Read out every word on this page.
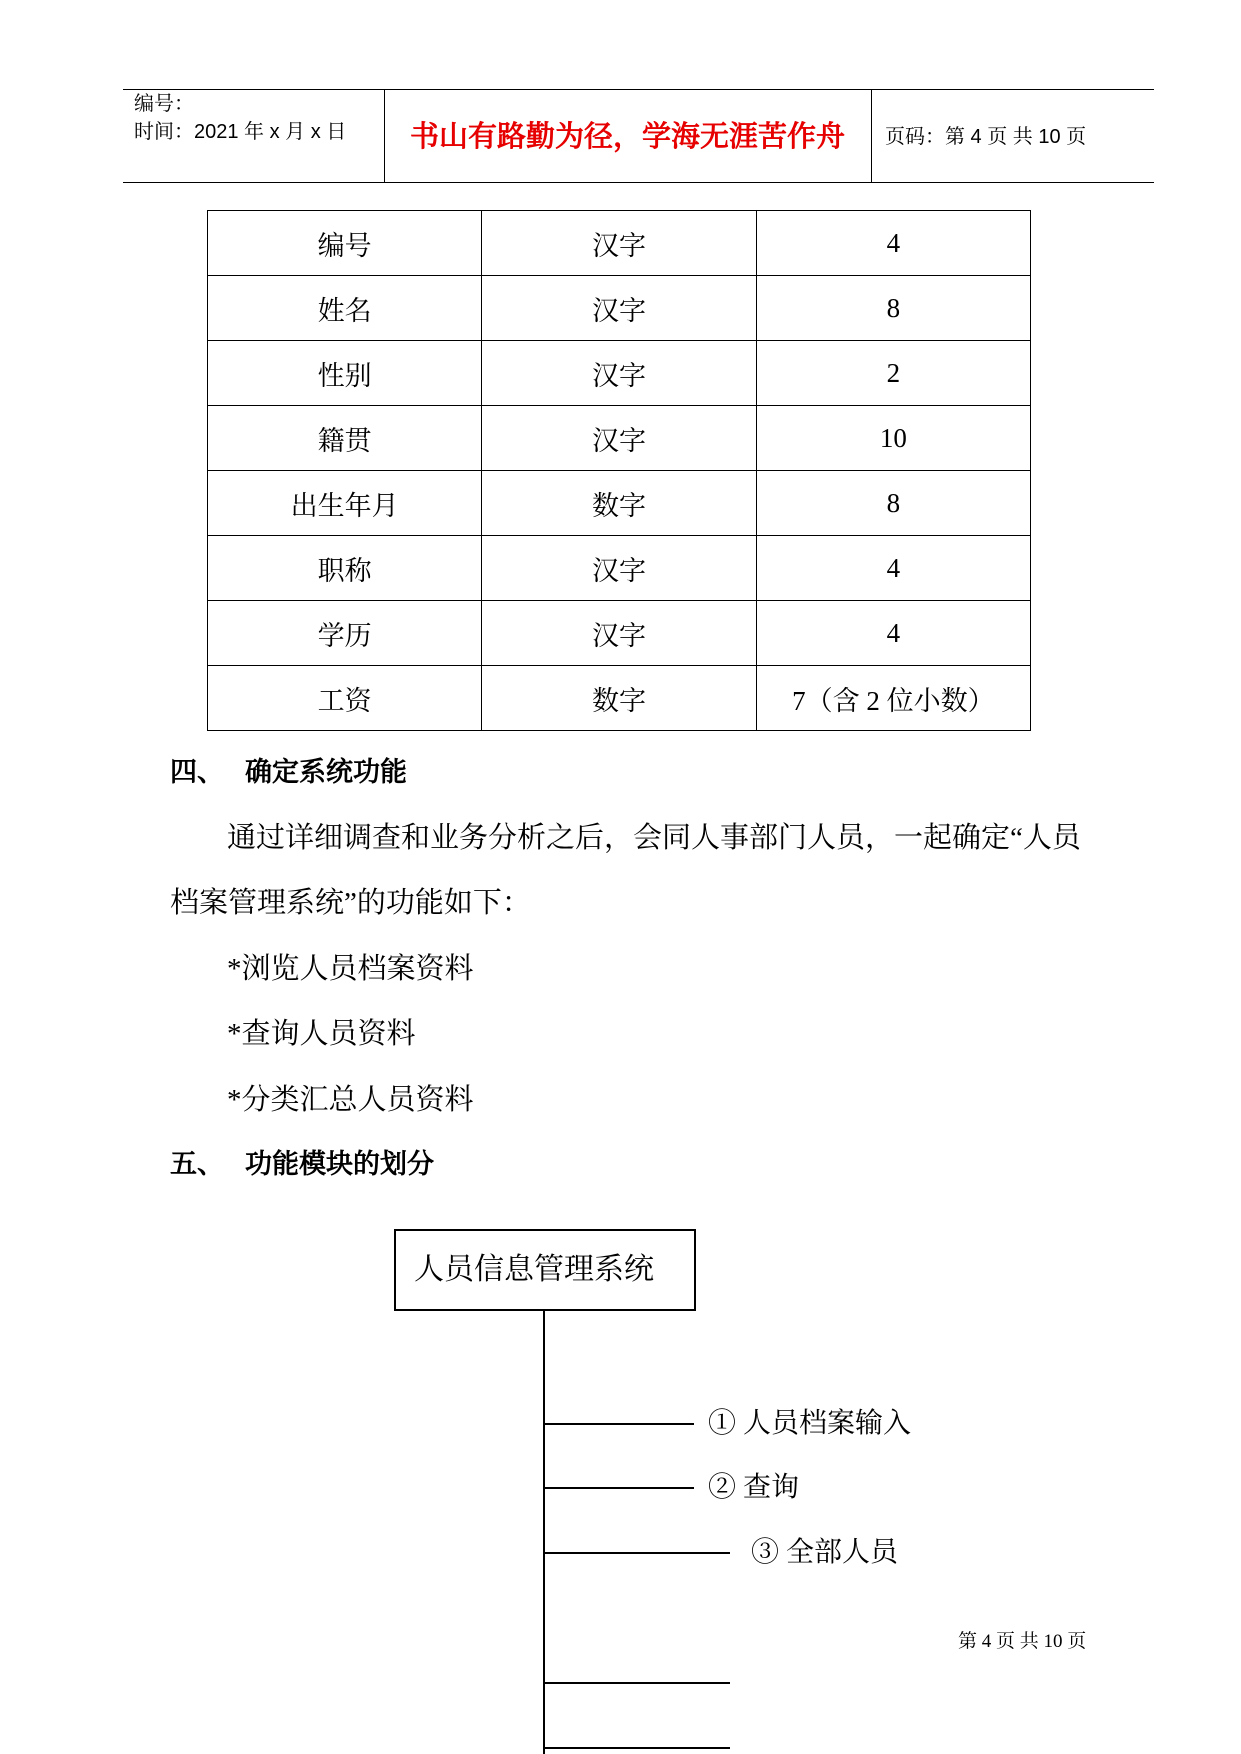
编号：
时间：2021 年 x 月 x 日 书山有路勤为径，学海无涯苦作舟 页码：第 4 页 共 10 页
编号	汉字	4
姓名	汉字	8
性别	汉字	2
籍贯	汉字	10
出生年月	数字	8
职称	汉字	4
学历	汉字	4
工资	数字	7（含 2 位小数）
四、 确定系统功能
通过详细调查和业务分析之后，会同人事部门人员，一起确定“人员
档案管理系统”的功能如下：
*浏览人员档案资料
*查询人员资料
*分类汇总人员资料
五、 功能模块的划分
人员信息管理系统
① 人员档案输入
② 查询
③ 全部人员
第 4 页 共 10 页
